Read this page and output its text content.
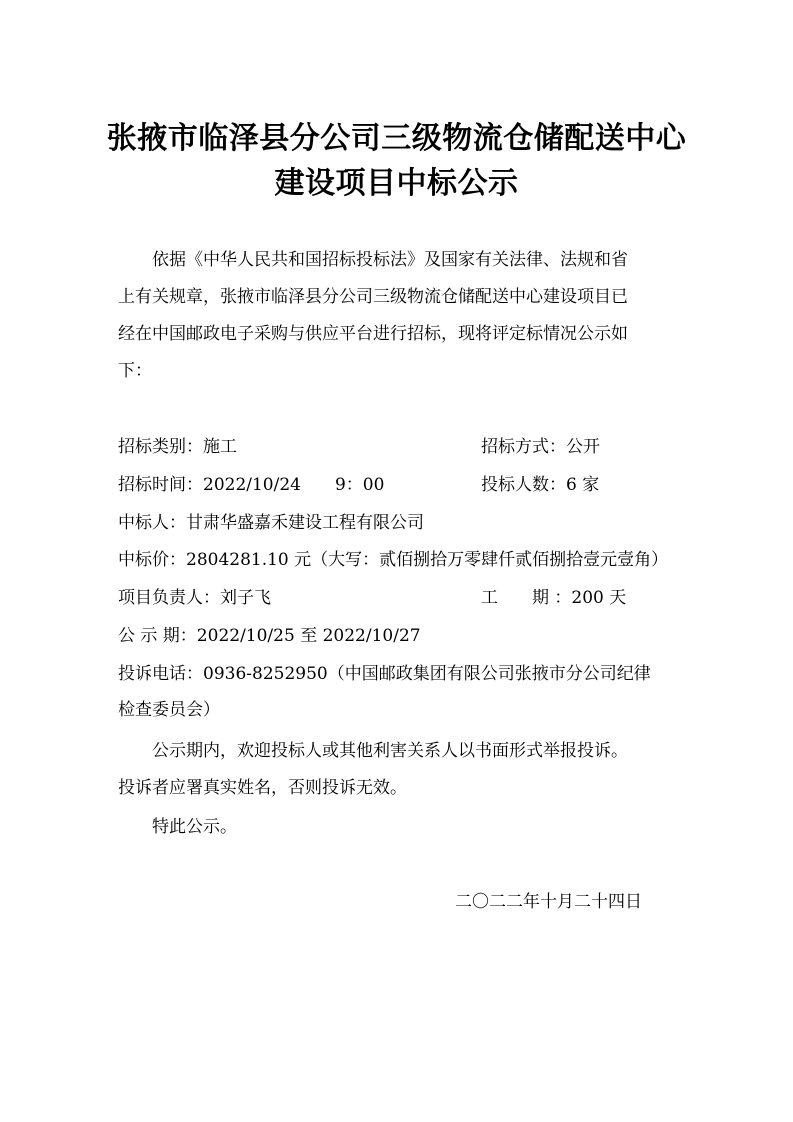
张掖市临泽县分公司三级物流仓储配送中心
建设项目中标公示
依据《中华人民共和国招标投标法》及国家有关法律、法规和省
上有关规章，张掖市临泽县分公司三级物流仓储配送中心建设项目已
经在中国邮政电子采购与供应平台进行招标，现将评定标情况公示如
下：
招标类别：施工	招标方式：公开
招标时间：2022/10/24　　9：00	投标人数：6 家
中标人：甘肃华盛嘉禾建设工程有限公司
中标价：2804281.10 元（大写：贰佰捌拾万零肆仟贰佰捌拾壹元壹角）
项目负责人：刘子飞	工　　期 ：200 天
公 示 期：2022/10/25 至 2022/10/27
投诉电话：0936-8252950（中国邮政集团有限公司张掖市分公司纪律
检查委员会）
公示期内，欢迎投标人或其他利害关系人以书面形式举报投诉。
投诉者应署真实姓名，否则投诉无效。
特此公示。
二〇二二年十月二十四日
